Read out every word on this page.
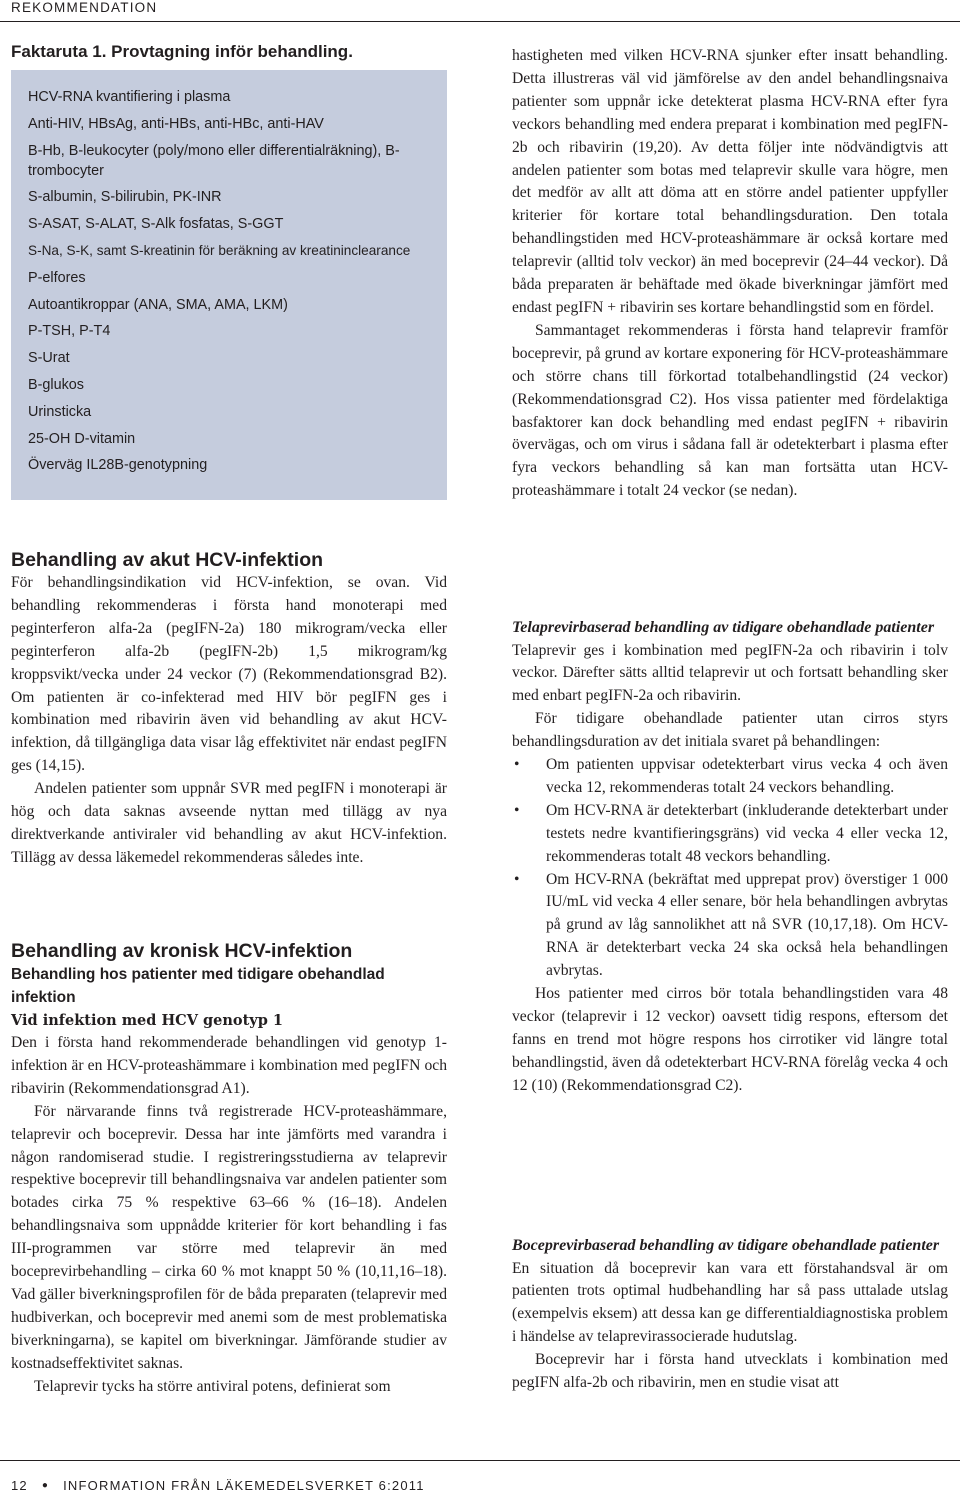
REKOMMENDATION
Faktaruta 1. Provtagning inför behandling.
HCV-RNA kvantifiering i plasma
Anti-HIV, HBsAg, anti-HBs, anti-HBc, anti-HAV
B-Hb, B-leukocyter (poly/mono eller differentialräkning), B-trombocyter
S-albumin, S-bilirubin, PK-INR
S-ASAT, S-ALAT, S-Alk fosfatas, S-GGT
S-Na, S-K, samt S-kreatinin för beräkning av kreatininclearance
P-elfores
Autoantikroppar (ANA, SMA, AMA, LKM)
P-TSH, P-T4
S-Urat
B-glukos
Urinsticka
25-OH D-vitamin
Överväg IL28B-genotypning
Behandling av akut HCV-infektion

För behandlingsindikation vid HCV-infektion, se ovan. Vid behandling rekommenderas i första hand monoterapi med peginterferon alfa-2a (pegIFN-2a) 180 mikrogram/vecka eller peginterferon alfa-2b (pegIFN-2b) 1,5 mikrogram/kg kroppsvikt/vecka under 24 veckor (7) (Rekommendationsgrad B2). Om patienten är co-infekterad med HIV bör pegIFN ges i kombination med ribavirin även vid behandling av akut HCV-infektion, då tillgängliga data visar låg effektivitet när endast pegIFN ges (14,15).

Andelen patienter som uppnår SVR med pegIFN i monoterapi är hög och data saknas avseende nyttan med tillägg av nya direktverkande antiviraler vid behandling av akut HCV-infektion. Tillägg av dessa läkemedel rekommenderas således inte.

Behandling av kronisk HCV-infektion
Behandling hos patienter med tidigare obehandlad infektion
Vid infektion med HCV genotyp 1

Den i första hand rekommenderade behandlingen vid genotyp 1-infektion är en HCV-proteashämmare i kombination med pegIFN och ribavirin (Rekommendationsgrad A1).

För närvarande finns två registrerade HCV-proteashämmare, telaprevir och boceprevir. Dessa har inte jämförts med varandra i någon randomiserad studie. I registreringsstudierna av telaprevir respektive boceprevir till behandlingsnaiva var andelen patienter som botades cirka 75 % respektive 63–66 % (16–18). Andelen behandlingsnaiva som uppnådde kriterier för kort behandling i fas III-programmen var större med telaprevir än med boceprevirbehandling – cirka 60 % mot knappt 50 % (10,11,16–18). Vad gäller biverkningsprofilen för de båda preparaten (telaprevir med hudbiverkan, och boceprevir med anemi som de mest problematiska biverkningarna), se kapitel om biverkningar. Jämförande studier av kostnadseffektivitet saknas.

Telaprevir tycks ha större antiviral potens, definierat som

hastigheten med vilken HCV-RNA sjunker efter insatt behandling. Detta illustreras väl vid jämförelse av den andel behandlingsnaiva patienter som uppnår icke detekterat plasma HCV-RNA efter fyra veckors behandling med endera preparat i kombination med pegIFN-2b och ribavirin (19,20). Av detta följer inte nödvändigtvis att andelen patienter som botas med telaprevir skulle vara högre, men det medför av allt att döma att en större andel patienter uppfyller kriterier för kortare total behandlingsduration. Den totala behandlingstiden med HCV-proteashämmare är också kortare med telaprevir (alltid tolv veckor) än med boceprevir (24–44 veckor). Då båda preparaten är behäftade med ökade biverkningar jämfört med endast pegIFN + ribavirin ses kortare behandlingstid som en fördel.

Sammantaget rekommenderas i första hand telaprevir framför boceprevir, på grund av kortare exponering för HCV-proteashämmare och större chans till förkortad totalbehandlingstid (24 veckor) (Rekommendationsgrad C2). Hos vissa patienter med fördelaktiga basfaktorer kan dock behandling med endast pegIFN + ribavirin övervägas, och om virus i sådana fall är odetekterbart i plasma efter fyra veckors behandling så kan man fortsätta utan HCV-proteashämmare i totalt 24 veckor (se nedan).

Telaprevirbaserad behandling av tidigare obehandlade patienter

Telaprevir ges i kombination med pegIFN-2a och ribavirin i tolv veckor. Därefter sätts alltid telaprevir ut och fortsatt behandling sker med enbart pegIFN-2a och ribavirin.

För tidigare obehandlade patienter utan cirros styrs behandlingsduration av det initiala svaret på behandlingen:

• Om patienten uppvisar odetekterbart virus vecka 4 och även vecka 12, rekommenderas totalt 24 veckors behandling.
• Om HCV-RNA är detekterbart (inkluderande detekterbart under testets nedre kvantifieringsgräns) vid vecka 4 eller vecka 12, rekommenderas totalt 48 veckors behandling.
• Om HCV-RNA (bekräftat med upprepat prov) överstiger 1 000 IU/mL vid vecka 4 eller senare, bör hela behandlingen avbrytas på grund av låg sannolikhet att nå SVR (10,17,18). Om HCV-RNA är detekterbart vecka 24 ska också hela behandlingen avbrytas.

Hos patienter med cirros bör totala behandlingstiden vara 48 veckor (telaprevir i 12 veckor) oavsett tidig respons, eftersom det fanns en trend mot högre respons hos cirrotiker vid längre total behandlingstid, även då odetekterbart HCV-RNA förelåg vecka 4 och 12 (10) (Rekommendationsgrad C2).

Boceprevirbaserad behandling av tidigare obehandlade patienter

En situation då boceprevir kan vara ett förstahandsval är om patienten trots optimal hudbehandling har så pass uttalade utslag (exempelvis eksem) att dessa kan ge differentialdiagnostiska problem i händelse av telaprevirassocierade hudutslag.

Boceprevir har i första hand utvecklats i kombination med pegIFN alfa-2b och ribavirin, men en studie visat att

12 ● INFORMATION FRÅN LÄKEMEDELSVERKET 6:2011
